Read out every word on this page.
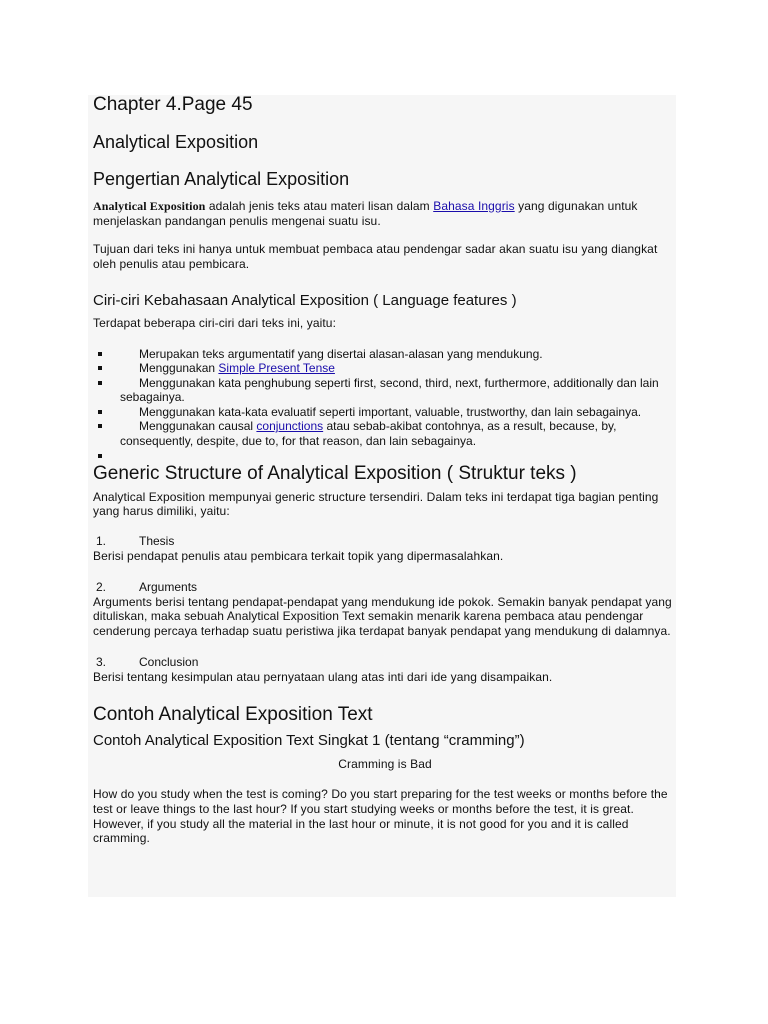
Chapter 4.Page 45
Analytical Exposition
Pengertian Analytical Exposition

Analytical Exposition adalah jenis teks atau materi lisan dalam Bahasa Inggris yang digunakan untuk menjelaskan pandangan penulis mengenai suatu isu.

Tujuan dari teks ini hanya untuk membuat pembaca atau pendengar sadar akan suatu isu yang diangkat oleh penulis atau pembicara.

Ciri-ciri Kebahasaan Analytical Exposition ( Language features )

Terdapat beberapa ciri-ciri dari teks ini, yaitu:

Merupakan teks argumentatif yang disertai alasan-alasan yang mendukung.
Menggunakan Simple Present Tense
Menggunakan kata penghubung seperti first, second, third, next, furthermore, additionally dan lain sebagainya.
Menggunakan kata-kata evaluatif seperti important, valuable, trustworthy, dan lain sebagainya.
Menggunakan causal conjunctions atau sebab-akibat contohnya, as a result, because, by, consequently, despite, due to, for that reason, dan lain sebagainya.
Generic Structure of Analytical Exposition ( Struktur teks )

Analytical Exposition mempunyai generic structure tersendiri. Dalam teks ini terdapat tiga bagian penting yang harus dimiliki, yaitu:

1.	Thesis

Berisi pendapat penulis atau pembicara terkait topik yang dipermasalahkan.

2.	Arguments

Arguments berisi tentang pendapat-pendapat yang mendukung ide pokok. Semakin banyak pendapat yang dituliskan, maka sebuah Analytical Exposition Text semakin menarik karena pembaca atau pendengar cenderung percaya terhadap suatu peristiwa jika terdapat banyak pendapat yang mendukung di dalamnya.

3.	Conclusion

Berisi tentang kesimpulan atau pernyataan ulang atas inti dari ide yang disampaikan.

Contoh Analytical Exposition Text
Contoh Analytical Exposition Text Singkat 1 (tentang “cramming”)

Cramming is Bad

How do you study when the test is coming? Do you start preparing for the test weeks or months before the test or leave things to the last hour? If you start studying weeks or months before the test, it is great. However, if you study all the material in the last hour or minute, it is not good for you and it is called cramming.
